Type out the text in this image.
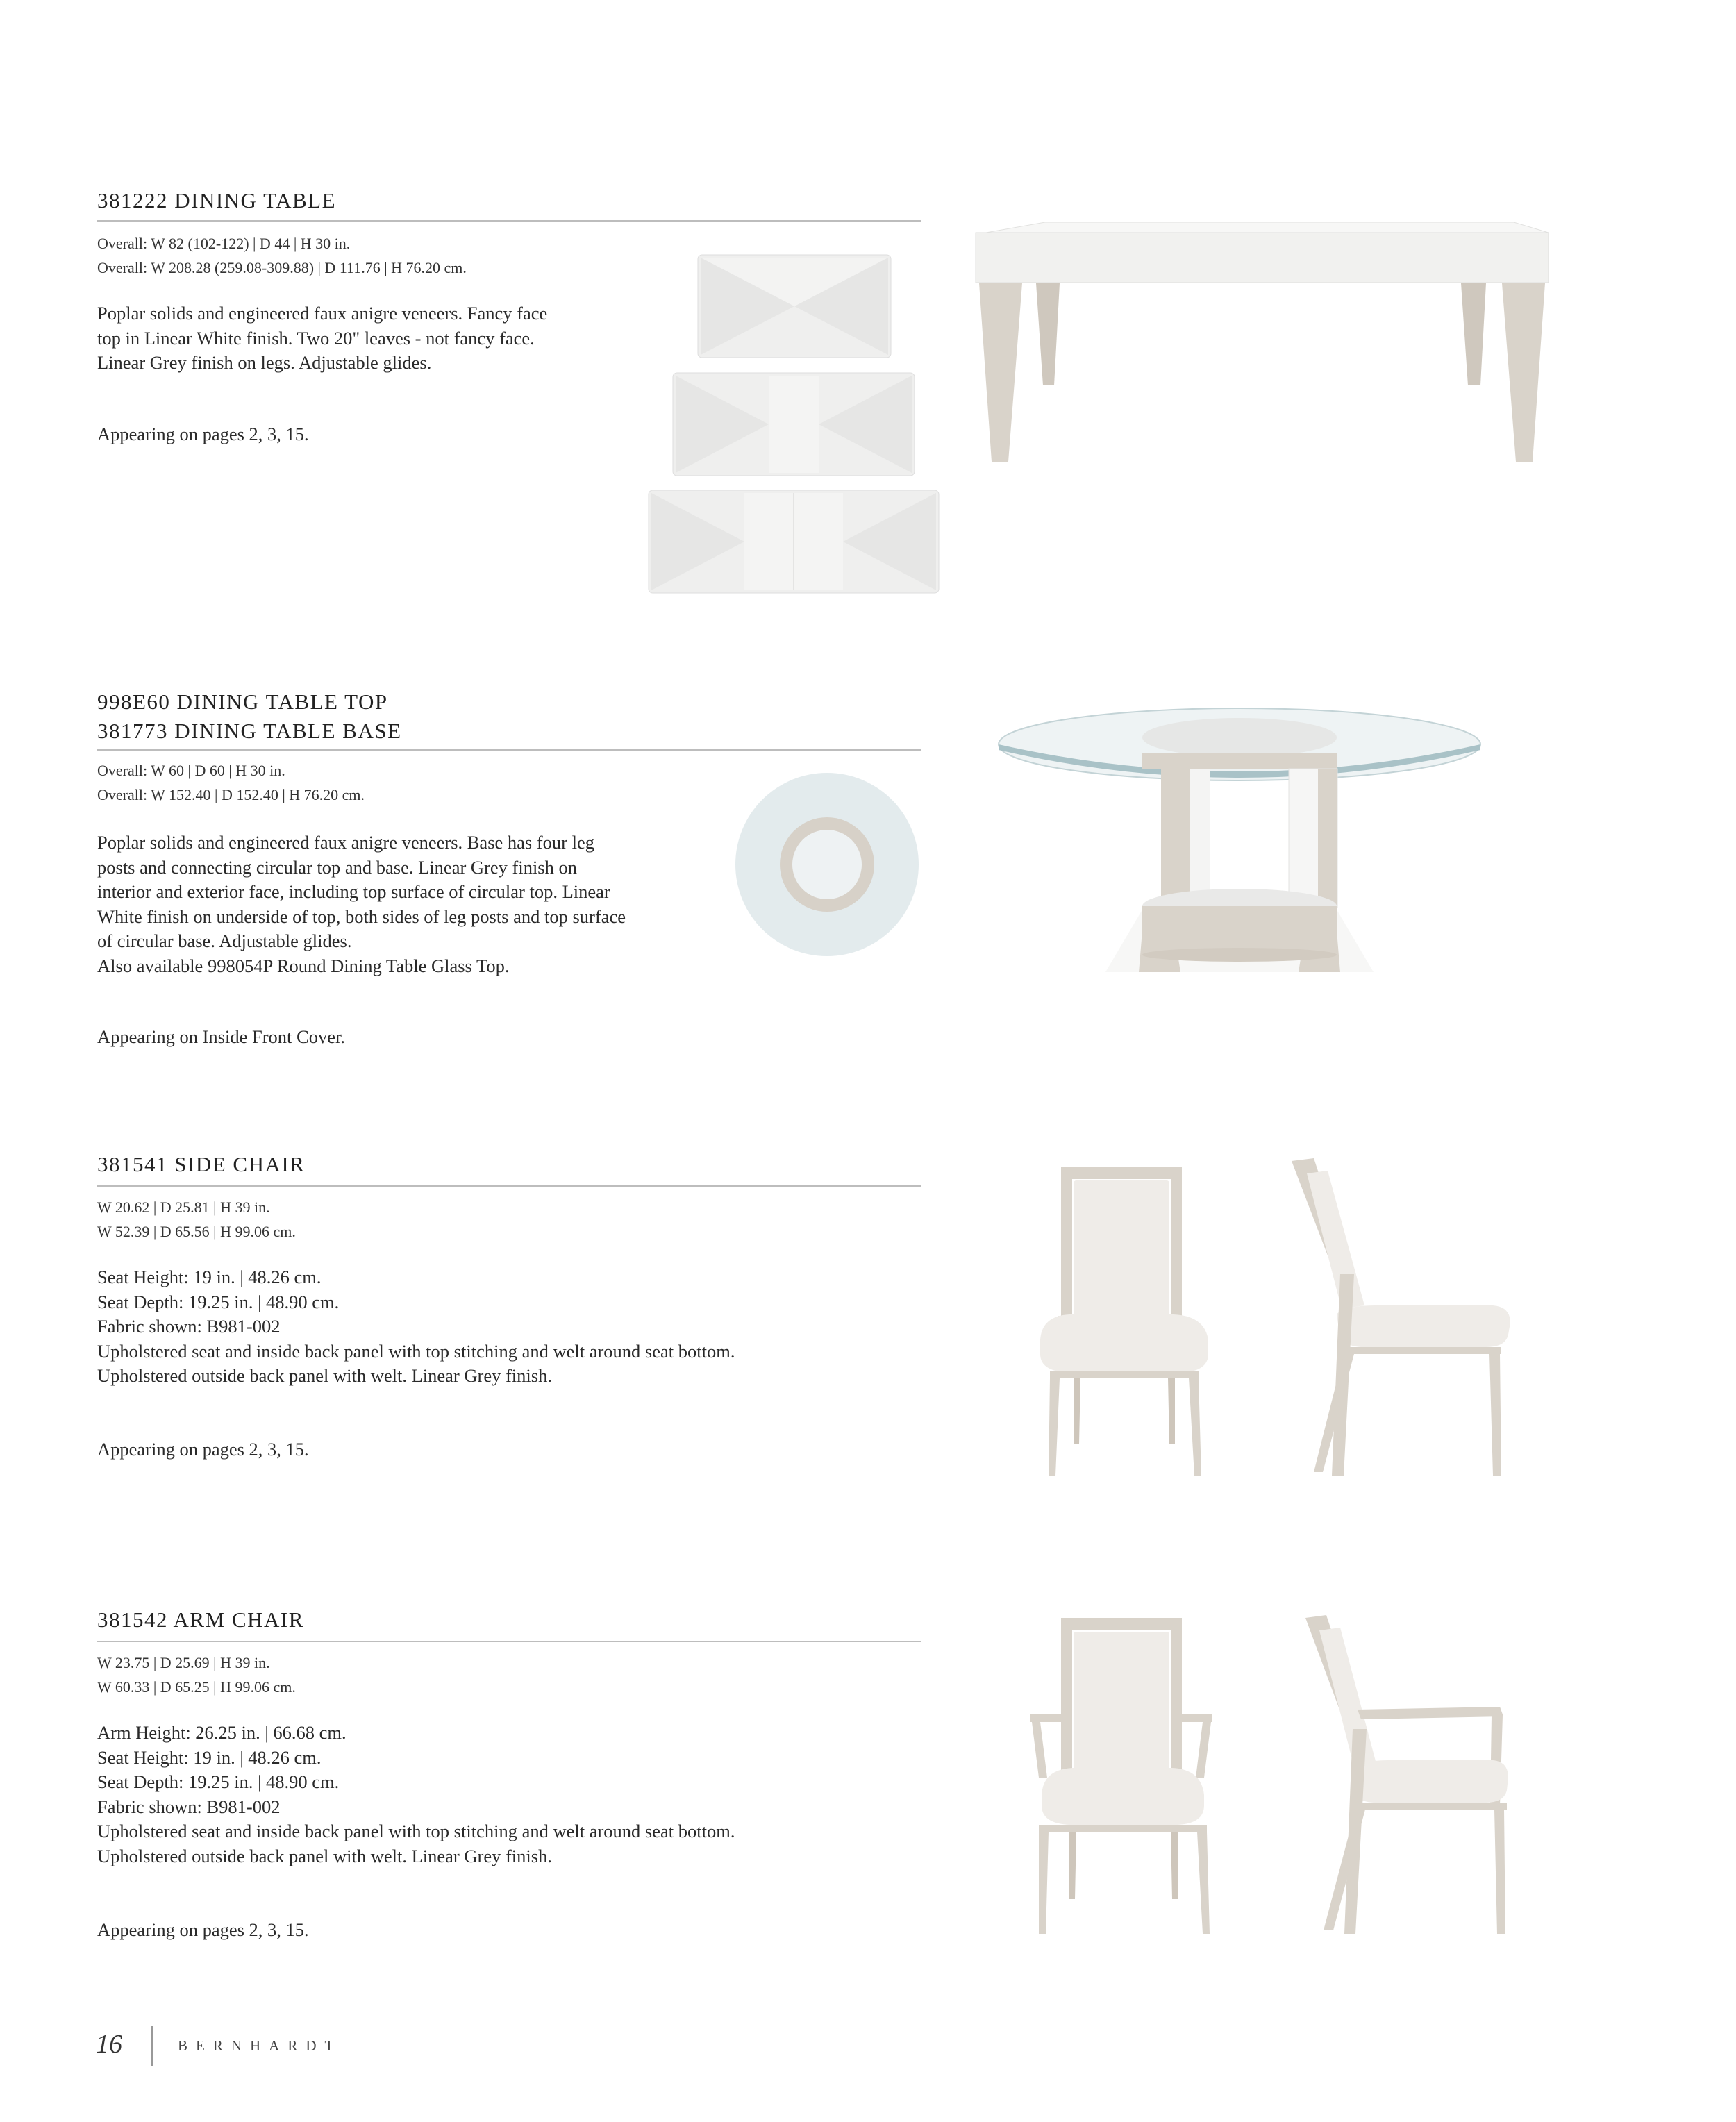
381222 DINING TABLE
Overall: W 82 (102-122) | D 44 | H 30 in.
Overall: W 208.28 (259.08-309.88) | D 111.76 | H 76.20 cm.
Poplar solids and engineered faux anigre veneers. Fancy face
top in Linear White finish. Two 20" leaves - not fancy face.
Linear Grey finish on legs. Adjustable glides.
Appearing on pages 2, 3, 15.
998E60 DINING TABLE TOP
381773 DINING TABLE BASE
Overall: W 60 | D 60 | H 30 in.
Overall: W 152.40 | D 152.40 | H 76.20 cm.
Poplar solids and engineered faux anigre veneers. Base has four leg
posts and connecting circular top and base. Linear Grey finish on
interior and exterior face, including top surface of circular top. Linear
White finish on underside of top, both sides of leg posts and top surface
of circular base. Adjustable glides.
Also available 998054P Round Dining Table Glass Top.
Appearing on Inside Front Cover.
381541 SIDE CHAIR
W 20.62 | D 25.81 | H 39 in.
W 52.39 | D 65.56 | H 99.06 cm.
Seat Height: 19 in. | 48.26 cm.
Seat Depth: 19.25 in. | 48.90 cm.
Fabric shown: B981-002
Upholstered seat and inside back panel with top stitching and welt around seat bottom.
Upholstered outside back panel with welt. Linear Grey finish.
Appearing on pages 2, 3, 15.
381542 ARM CHAIR
W 23.75 | D 25.69 | H 39 in.
W 60.33 | D 65.25 | H 99.06 cm.
Arm Height: 26.25 in. | 66.68 cm.
Seat Height: 19 in. | 48.26 cm.
Seat Depth: 19.25 in. | 48.90 cm.
Fabric shown: B981-002
Upholstered seat and inside back panel with top stitching and welt around seat bottom.
Upholstered outside back panel with welt. Linear Grey finish.
Appearing on pages 2, 3, 15.
16	BERNHARDT
